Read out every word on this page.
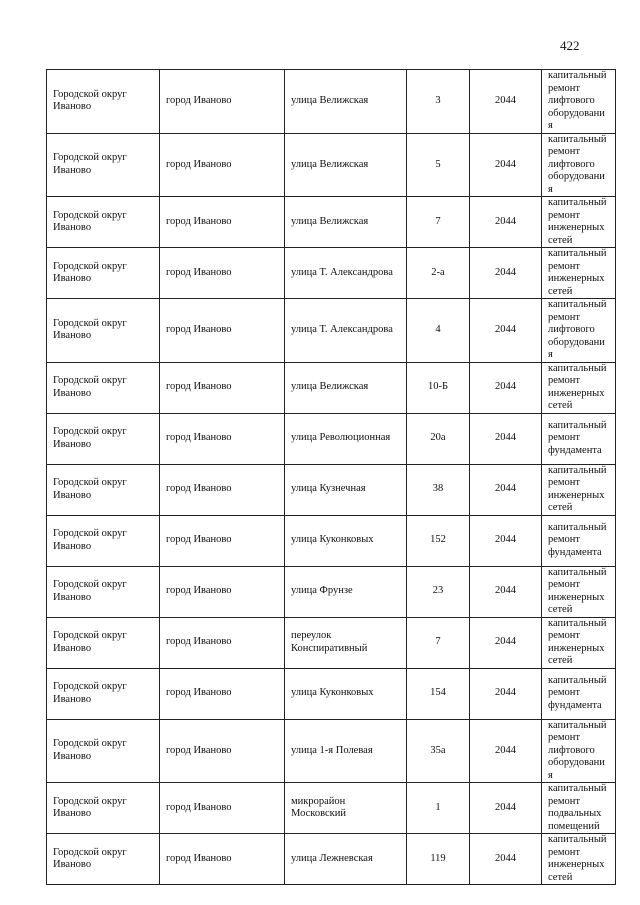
422
Городской округ Иваново	город Иваново	улица Велижская	3	2044	капитальный ремонт лифтового оборудования

Городской округ Иваново	город Иваново	улица Велижская	5	2044	капитальный ремонт лифтового оборудования

Городской округ Иваново	город Иваново	улица Велижская	7	2044	капитальный ремонт инженерных сетей

Городской округ Иваново	город Иваново	улица Т. Александрова	2-а	2044	капитальный ремонт инженерных сетей

Городской округ Иваново	город Иваново	улица Т. Александрова	4	2044	капитальный ремонт лифтового оборудования

Городской округ Иваново	город Иваново	улица Велижская	10-Б	2044	капитальный ремонт инженерных сетей

Городской округ Иваново	город Иваново	улица Революционная	20а	2044	капитальный ремонт фундамента

Городской округ Иваново	город Иваново	улица Кузнечная	38	2044	капитальный ремонт инженерных сетей

Городской округ Иваново	город Иваново	улица Куконковых	152	2044	капитальный ремонт фундамента

Городской округ Иваново	город Иваново	улица Фрунзе	23	2044	капитальный ремонт инженерных сетей

Городской округ Иваново	город Иваново	переулок Конспиративный	7	2044	капитальный ремонт инженерных сетей

Городской округ Иваново	город Иваново	улица Куконковых	154	2044	капитальный ремонт фундамента

Городской округ Иваново	город Иваново	улица 1-я Полевая	35а	2044	капитальный ремонт лифтового оборудования

Городской округ Иваново	город Иваново	микрорайон Московский	1	2044	капитальный ремонт подвальных помещений

Городской округ Иваново	город Иваново	улица Лежневская	119	2044	капитальный ремонт инженерных сетей
